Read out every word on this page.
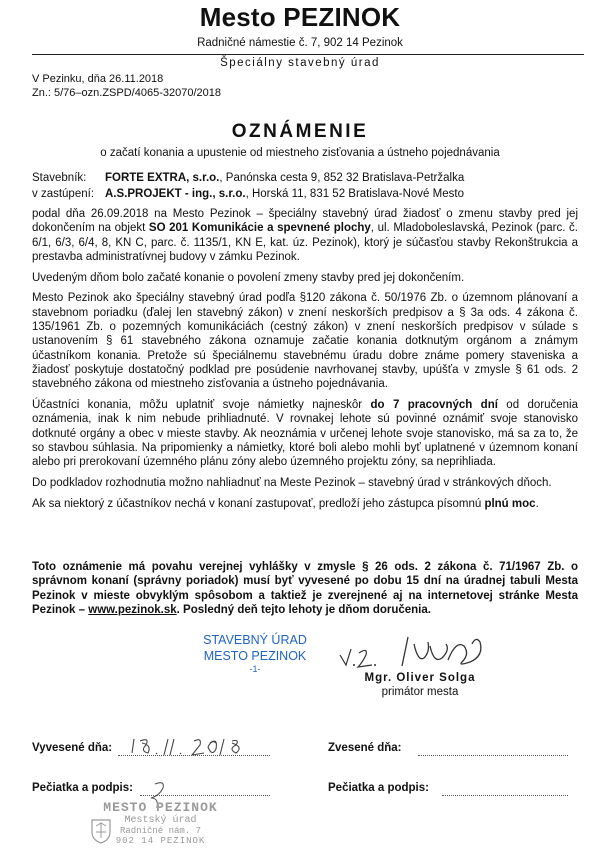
Mesto PEZINOK
Radničné námestie č. 7, 902 14 Pezinok
Špeciálny stavebný úrad
V Pezinku, dňa 26.11.2018
Zn.: 5/76–ozn.ZSPD/4065-32070/2018
OZNÁMENIE
o začatí konania a upustenie od miestneho zisťovania a ústneho pojednávania
Stavebník: FORTE EXTRA, s.r.o., Panónska cesta 9, 852 32 Bratislava-Petržalka
v zastúpení: A.S.PROJEKT - ing., s.r.o., Horská 11, 831 52 Bratislava-Nové Mesto

podal dňa 26.09.2018 na Mesto Pezinok – špeciálny stavebný úrad žiadosť o zmenu stavby pred jej dokončením na objekt SO 201 Komunikácie a spevnené plochy, ul. Mladoboleslavská, Pezinok (parc. č. 6/1, 6/3, 6/4, 8, KN C, parc. č. 1135/1, KN E, kat. úz. Pezinok), ktorý je súčasťou stavby Rekonštrukcia a prestavba administratívnej budovy v zámku Pezinok.

Uvedeným dňom bolo začaté konanie o povolení zmeny stavby pred jej dokončením.

Mesto Pezinok ako špeciálny stavebný úrad podľa §120 zákona č. 50/1976 Zb. o územnom plánovaní a stavebnom poriadku (ďalej len stavebný zákon) v znení neskorších predpisov a § 3a ods. 4 zákona č. 135/1961 Zb. o pozemných komunikáciách (cestný zákon) v znení neskorších predpisov v súlade s ustanovením § 61 stavebného zákona oznamuje začatie konania dotknutým orgánom a známym účastníkom konania. Pretože sú špeciálnemu stavebnému úradu dobre známe pomery staveniska a žiadosť poskytuje dostatočný podklad pre posúdenie navrhovanej stavby, upúšťa v zmysle § 61 ods. 2 stavebného zákona od miestneho zisťovania a ústneho pojednávania.

Účastníci konania, môžu uplatniť svoje námietky najneskôr do 7 pracovných dní od doručenia oznámenia, inak k nim nebude prihliadnuté. V rovnakej lehote sú povinné oznámiť svoje stanovisko dotknuté orgány a obec v mieste stavby. Ak neoznámia v určenej lehote svoje stanovisko, má sa za to, že so stavbou súhlasia. Na pripomienky a námietky, ktoré boli alebo mohli byť uplatnené v územnom konaní alebo pri prerokovaní územného plánu zóny alebo územného projektu zóny, sa neprihliada.

Do podkladov rozhodnutia možno nahliadnuť na Meste Pezinok – stavebný úrad v stránkových dňoch.

Ak sa niektorý z účastníkov nechá v konaní zastupovať, predloží jeho zástupca písomnú plnú moc.

Toto oznámenie má povahu verejnej vyhlášky v zmysle § 26 ods. 2 zákona č. 71/1967 Zb. o správnom konaní (správny poriadok) musí byť vyvesené po dobu 15 dní na úradnej tabuli Mesta Pezinok v mieste obvyklým spôsobom a taktiež je zverejnené aj na internetovej stránke Mesta Pezinok – www.pezinok.sk. Posledný deň tejto lehoty je dňom doručenia.
STAVEBNÝ ÚRAD
MESTO PEZINOK
-1-
Mgr. Oliver Solga
primátor mesta
Vyvesené dňa:	Zvesené dňa:
Pečiatka a podpis:	Pečiatka a podpis:
MESTO PEZINOK
Mestský úrad
Radničné nám. 7
902 14 PEZINOK
